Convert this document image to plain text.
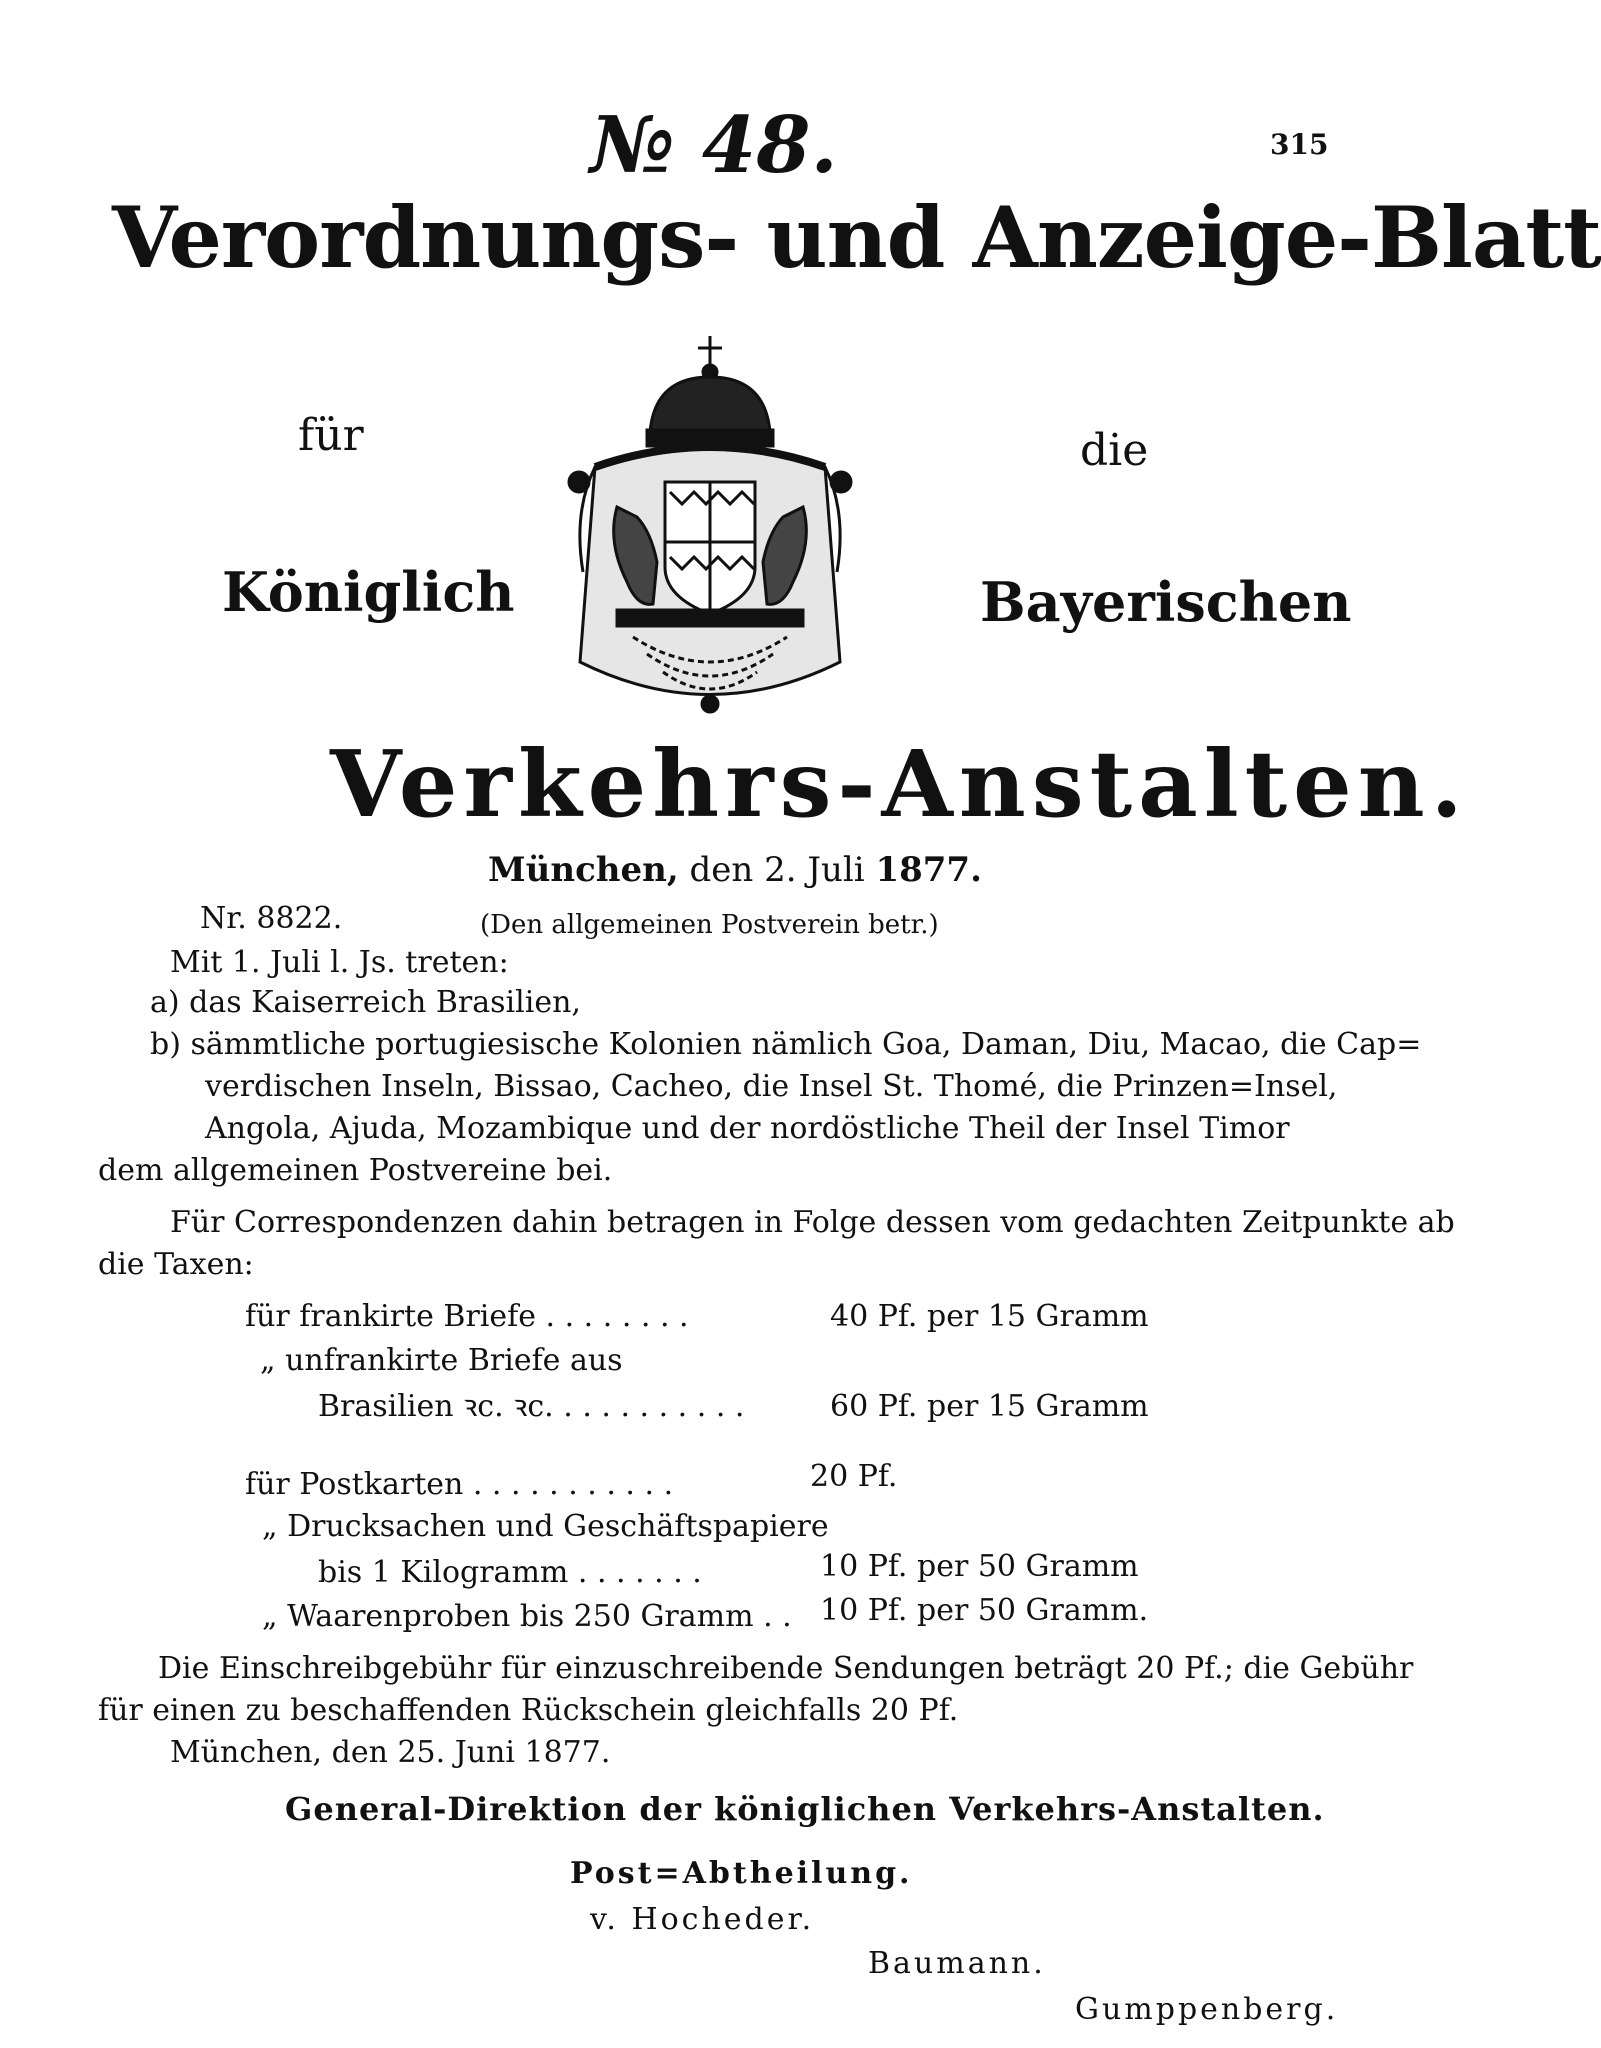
№ 48.	315
Verordnungs- und Anzeige-Blatt
für	die
Königlich	Bayerischen
Verkehrs-Anstalten.
München, den 2. Juli 1877.
Nr. 8822.	(Den allgemeinen Postverein betr.)
Mit 1. Juli l. Js. treten:
a) das Kaiserreich Brasilien,
b) sämmtliche portugiesische Kolonien nämlich Goa, Daman, Diu, Macao, die Cap=
verdischen Inseln, Bissao, Cacheo, die Insel St. Thomé, die Prinzen=Insel,
Angola, Ajuda, Mozambique und der nordöstliche Theil der Insel Timor
dem allgemeinen Postvereine bei.
Für Correspondenzen dahin betragen in Folge dessen vom gedachten Zeitpunkte ab
die Taxen:
für frankirte Briefe . . . . . . . .	40 Pf. per 15 Gramm
„ unfrankirte Briefe aus
Brasilien ꝛc. ꝛc. . . . . . . . . . .	60 Pf. per 15 Gramm
für Postkarten . . . . . . . . . . .	20 Pf.
„ Drucksachen und Geschäftspapiere
bis 1 Kilogramm . . . . . . .	10 Pf. per 50 Gramm
„ Waarenproben bis 250 Gramm . . 10 Pf. per 50 Gramm.
Die Einschreibgebühr für einzuschreibende Sendungen beträgt 20 Pf.; die Gebühr
für einen zu beschaffenden Rückschein gleichfalls 20 Pf.
München, den 25. Juni 1877.
General-Direktion der königlichen Verkehrs-Anstalten.
Post=Abtheilung.
v. Hocheder.
Baumann.
Gumppenberg.
